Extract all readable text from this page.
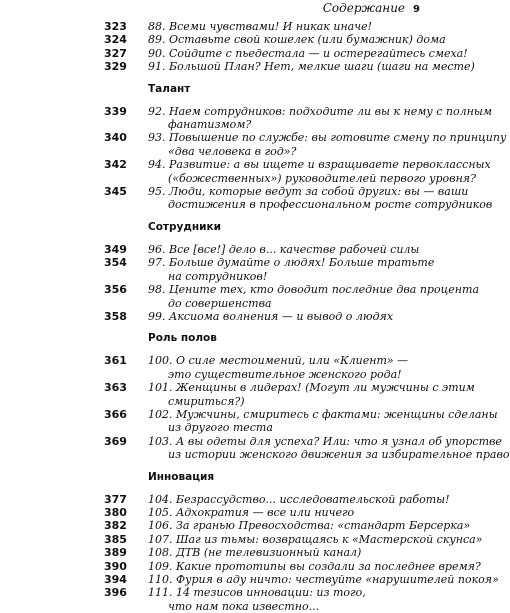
Содержание 9
323	88. Всеми чувствами! И никак иначе!
324	89. Оставьте свой кошелек (или бумажник) дома
327	90. Сойдите с пьедестала — и остерегайтесь смеха!
329	91. Большой План? Нет, мелкие шаги (шаги на месте)
Талант
339	92. Наем сотрудников: подходите ли вы к нему с полным
фанатизмом?
340	93. Повышение по службе: вы готовите смену по принципу
«два человека в год»?
342	94. Развитие: а вы ищете и взращиваете первоклассных
(«божественных») руководителей первого уровня?
345	95. Люди, которые ведут за собой других: вы — ваши
достижения в профессиональном росте сотрудников
Сотрудники
349	96. Все [все!] дело в... качестве рабочей силы
354	97. Больше думайте о людях! Больше тратьте
на сотрудников!
356	98. Цените тех, кто доводит последние два процента
до совершенства
358	99. Аксиома волнения — и вывод о людях
Роль полов
361	100. О силе местоимений, или «Клиент» —
это существительное женского рода!
363	101. Женщины в лидерах! (Могут ли мужчины с этим
смириться?)
366	102. Мужчины, смиритесь с фактами: женщины сделаны
из другого теста
369	103. А вы одеты для успеха? Или: что я узнал об упорстве
из истории женского движения за избирательное право
Инновация
377	104. Безрассудство... исследовательской работы!
380	105. Адхократия — все или ничего
382	106. За гранью Превосходства: «стандарт Берсерка»
385	107. Шаг из тьмы: возвращаясь к «Мастерской скунса»
389	108. ДТВ (не телевизионный канал)
390	109. Какие прототипы вы создали за последнее время?
394	110. Фурия в аду ничто: чествуйте «нарушителей покоя»
396	111. 14 тезисов инновации: из того,
что нам пока известно...
